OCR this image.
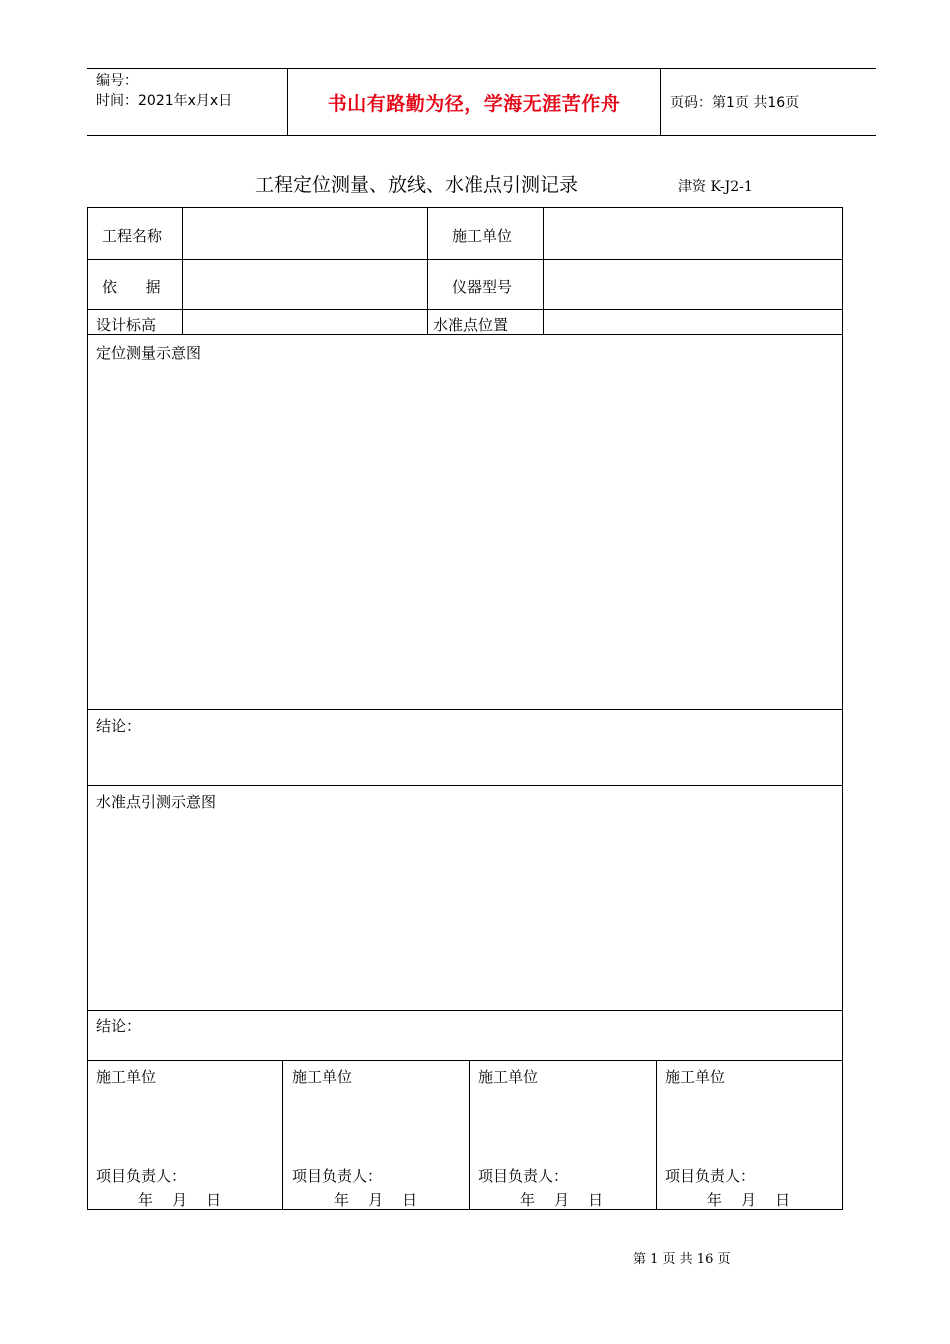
编号：
时间：2021年x月x日	书山有路勤为径，学海无涯苦作舟	页码：第1页 共16页
工程定位测量、放线、水准点引测记录	津资 K-J2-1
工程名称	施工单位
依      据	仪器型号
设计标高	水准点位置
定位测量示意图
结论：
水准点引测示意图
结论：
施工单位
项目负责人：
年    月    日
施工单位
项目负责人：
年    月    日
施工单位
项目负责人：
年    月    日
施工单位
项目负责人：
年    月    日
第 1 页 共 16 页
